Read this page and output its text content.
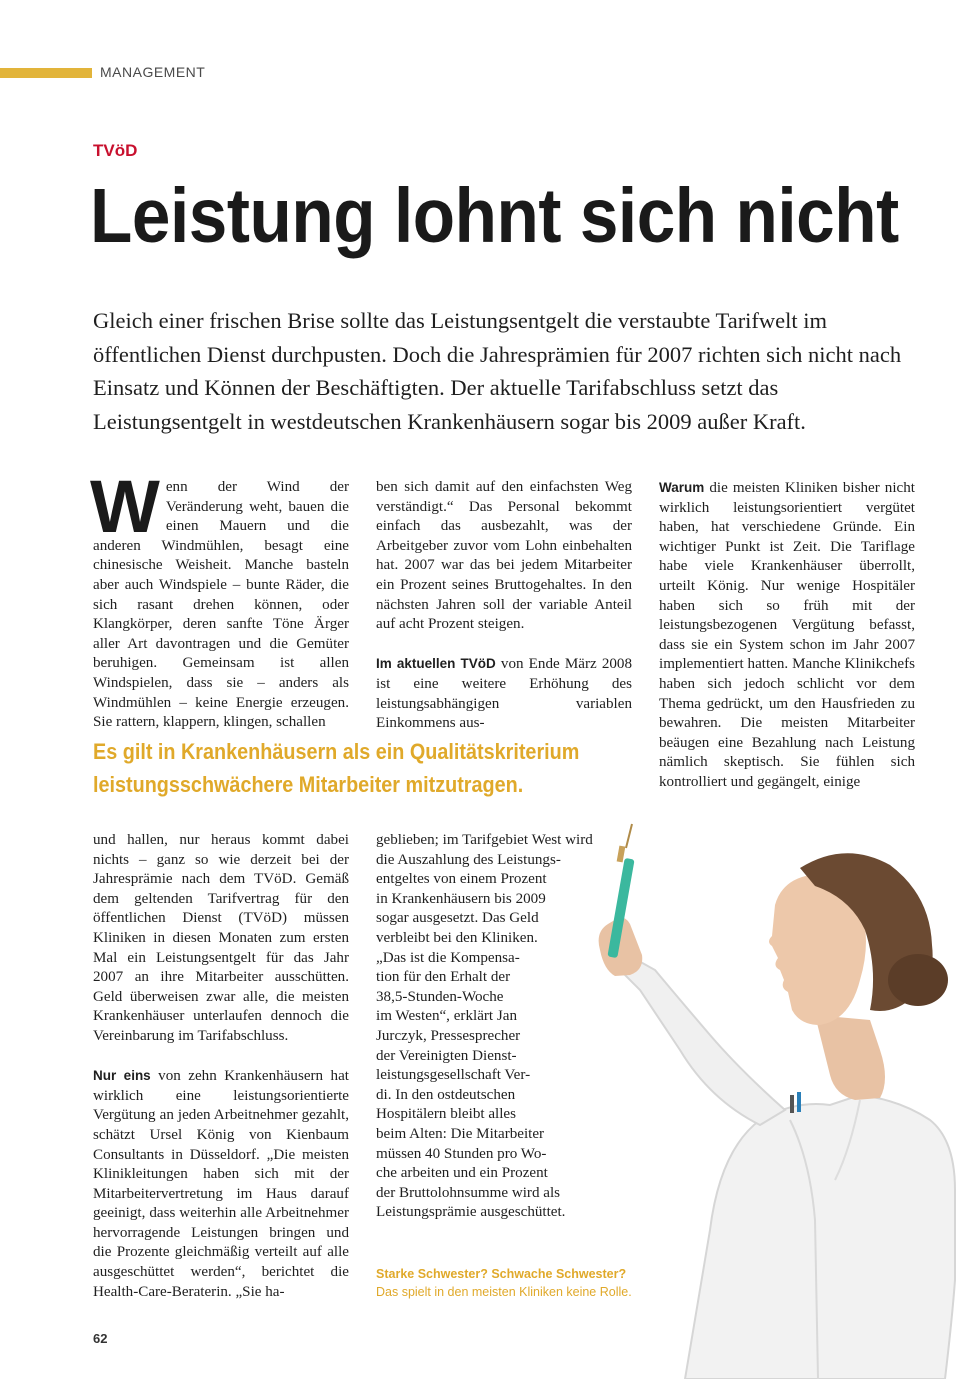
MANAGEMENT
TVöD
Leistung lohnt sich nicht
Gleich einer frischen Brise sollte das Leistungsentgelt die verstaubte Tarifwelt im öffentlichen Dienst durchpusten. Doch die Jahresprämien für 2007 richten sich nicht nach Einsatz und Können der Beschäftigten. Der aktuelle Tarifabschluss setzt das Leistungsentgelt in westdeutschen Krankenhäusern sogar bis 2009 außer Kraft.
Wenn der Wind der Veränderung weht, bauen die einen Mauern und die anderen Windmühlen, besagt eine chinesische Weisheit. Manche basteln aber auch Windspiele – bunte Räder, die sich rasant drehen können, oder Klangkörper, deren sanfte Töne Ärger aller Art davontragen und die Gemüter beruhigen. Gemeinsam ist allen Windspielen, dass sie – anders als Windmühlen – keine Energie erzeugen. Sie rattern, klappern, klingen, schallen

ben sich damit auf den einfachsten Weg verständigt.“ Das Personal bekommt einfach das ausbezahlt, was der Arbeitgeber zuvor vom Lohn einbehalten hat. 2007 war das bei jedem Mitarbeiter ein Prozent seines Bruttogehaltes. In den nächsten Jahren soll der variable Anteil auf acht Prozent steigen.

Im aktuellen TVöD von Ende März 2008 ist eine weitere Erhöhung des leistungsabhängigen variablen Einkommens aus-

Warum die meisten Kliniken bisher nicht wirklich leistungsorientiert vergütet haben, hat verschiedene Gründe. Ein wichtiger Punkt ist Zeit. Die Tariflage habe viele Krankenhäuser überrollt, urteilt König. Nur wenige Hospitäler haben sich so früh mit der leistungsbezogenen Vergütung befasst, dass sie ein System schon im Jahr 2007 implementiert hatten. Manche Klinikchefs haben sich jedoch schlicht vor dem Thema gedrückt, um den Hausfrieden zu bewahren. Die meisten Mitarbeiter beäugen eine Bezahlung nach Leistung nämlich skeptisch. Sie fühlen sich kontrolliert und gegängelt, einige
Es gilt in Krankenhäusern als ein Qualitätskriterium
leistungsschwächere Mitarbeiter mitzutragen.

und hallen, nur heraus kommt dabei nichts – ganz so wie derzeit bei der Jahresprämie nach dem TVöD. Gemäß dem geltenden Tarifvertrag für den öffentlichen Dienst (TVöD) müssen Kliniken in diesen Monaten zum ersten Mal ein Leistungsentgelt für das Jahr 2007 an ihre Mitarbeiter ausschütten. Geld überweisen zwar alle, die meisten Krankenhäuser unterlaufen dennoch die Vereinbarung im Tarifabschluss.

Nur eins von zehn Krankenhäusern hat wirklich eine leistungsorientierte Vergütung an jeden Arbeitnehmer gezahlt, schätzt Ursel König von Kienbaum Consultants in Düsseldorf. „Die meisten Klinikleitungen haben sich mit der Mitarbeitervertretung im Haus darauf geeinigt, dass weiterhin alle Arbeitnehmer hervorragende Leistungen bringen und die Prozente gleichmäßig verteilt auf alle ausgeschüttet werden“, berichtet die Health-Care-Beraterin. „Sie ha-

geblieben; im Tarifgebiet West wird
die Auszahlung des Leistungs-
entgeltes von einem Prozent
in Krankenhäusern bis 2009
sogar ausgesetzt. Das Geld
verbleibt bei den Kliniken.
„Das ist die Kompensa-
tion für den Erhalt der
38,5-Stunden-Woche
im Westen“, erklärt Jan
Jurczyk, Pressesprecher
der Vereinigten Dienst-
leistungsgesellschaft Ver-
di. In den ostdeutschen
Hospitälern bleibt alles
beim Alten: Die Mitarbeiter
müssen 40 Stunden pro Wo-
che arbeiten und ein Prozent
der Bruttolohnsumme wird als
Leistungsprämie ausgeschüttet.
Starke Schwester? Schwache Schwester?
Das spielt in den meisten Kliniken keine Rolle.
62
